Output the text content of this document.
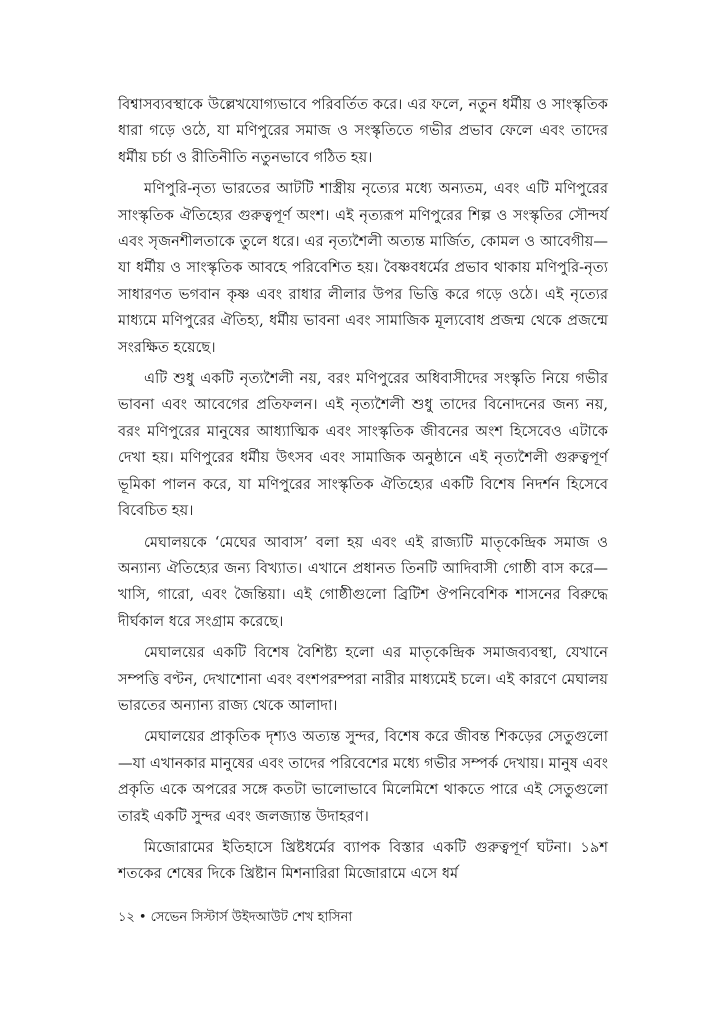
বিশ্বাসব্যবস্থাকে উল্লেখযোগ্যভাবে পরিবর্তিত করে। এর ফলে, নতুন ধর্মীয় ও সাংস্কৃতিক ধারা গড়ে ওঠে, যা মণিপুরের সমাজ ও সংস্কৃতিতে গভীর প্রভাব ফেলে এবং তাদের ধর্মীয় চর্চা ও রীতিনীতি নতুনভাবে গঠিত হয়।

মণিপুরি-নৃত্য ভারতের আটটি শাস্ত্রীয় নৃত্যের মধ্যে অন্যতম, এবং এটি মণিপুরের সাংস্কৃতিক ঐতিহ্যের গুরুত্বপূর্ণ অংশ। এই নৃত্যরূপ মণিপুরের শিল্প ও সংস্কৃতির সৌন্দর্য এবং সৃজনশীলতাকে তুলে ধরে। এর নৃত্যশৈলী অত্যন্ত মার্জিত, কোমল ও আবেগীয়—যা ধর্মীয় ও সাংস্কৃতিক আবহে পরিবেশিত হয়। বৈষ্ণবধর্মের প্রভাব থাকায় মণিপুরি-নৃত্য সাধারণত ভগবান কৃষ্ণ এবং রাধার লীলার উপর ভিত্তি করে গড়ে ওঠে। এই নৃত্যের মাধ্যমে মণিপুরের ঐতিহ্য, ধর্মীয় ভাবনা এবং সামাজিক মূল্যবোধ প্রজন্ম থেকে প্রজন্মে সংরক্ষিত হয়েছে।

এটি শুধু একটি নৃত্যশৈলী নয়, বরং মণিপুরের অধিবাসীদের সংস্কৃতি নিয়ে গভীর ভাবনা এবং আবেগের প্রতিফলন। এই নৃত্যশৈলী শুধু তাদের বিনোদনের জন্য নয়, বরং মণিপুরের মানুষের আধ্যাত্মিক এবং সাংস্কৃতিক জীবনের অংশ হিসেবেও এটাকে দেখা হয়। মণিপুরের ধর্মীয় উৎসব এবং সামাজিক অনুষ্ঠানে এই নৃত্যশৈলী গুরুত্বপূর্ণ ভূমিকা পালন করে, যা মণিপুরের সাংস্কৃতিক ঐতিহ্যের একটি বিশেষ নিদর্শন হিসেবে বিবেচিত হয়।

মেঘালয়কে ‘মেঘের আবাস’ বলা হয় এবং এই রাজ্যটি মাতৃকেন্দ্রিক সমাজ ও অন্যান্য ঐতিহ্যের জন্য বিখ্যাত। এখানে প্রধানত তিনটি আদিবাসী গোষ্ঠী বাস করে—খাসি, গারো, এবং জৈন্তিয়া। এই গোষ্ঠীগুলো ব্রিটিশ ঔপনিবেশিক শাসনের বিরুদ্ধে দীর্ঘকাল ধরে সংগ্রাম করেছে।

মেঘালয়ের একটি বিশেষ বৈশিষ্ট্য হলো এর মাতৃকেন্দ্রিক সমাজব্যবস্থা, যেখানে সম্পত্তি বণ্টন, দেখাশোনা এবং বংশপরম্পরা নারীর মাধ্যমেই চলে। এই কারণে মেঘালয় ভারতের অন্যান্য রাজ্য থেকে আলাদা।

মেঘালয়ের প্রাকৃতিক দৃশ্যও অত্যন্ত সুন্দর, বিশেষ করে জীবন্ত শিকড়ের সেতুগুলো—যা এখানকার মানুষের এবং তাদের পরিবেশের মধ্যে গভীর সম্পর্ক দেখায়। মানুষ এবং প্রকৃতি একে অপরের সঙ্গে কতটা ভালোভাবে মিলেমিশে থাকতে পারে এই সেতুগুলো তারই একটি সুন্দর এবং জলজ্যান্ত উদাহরণ।

মিজোরামের ইতিহাসে খ্রিষ্টধর্মের ব্যাপক বিস্তার একটি গুরুত্বপূর্ণ ঘটনা। ১৯শ শতকের শেষের দিকে খ্রিষ্টান মিশনারিরা মিজোরামে এসে ধর্ম

১২ • সেভেন সিস্টার্স উইদআউট শেখ হাসিনা
